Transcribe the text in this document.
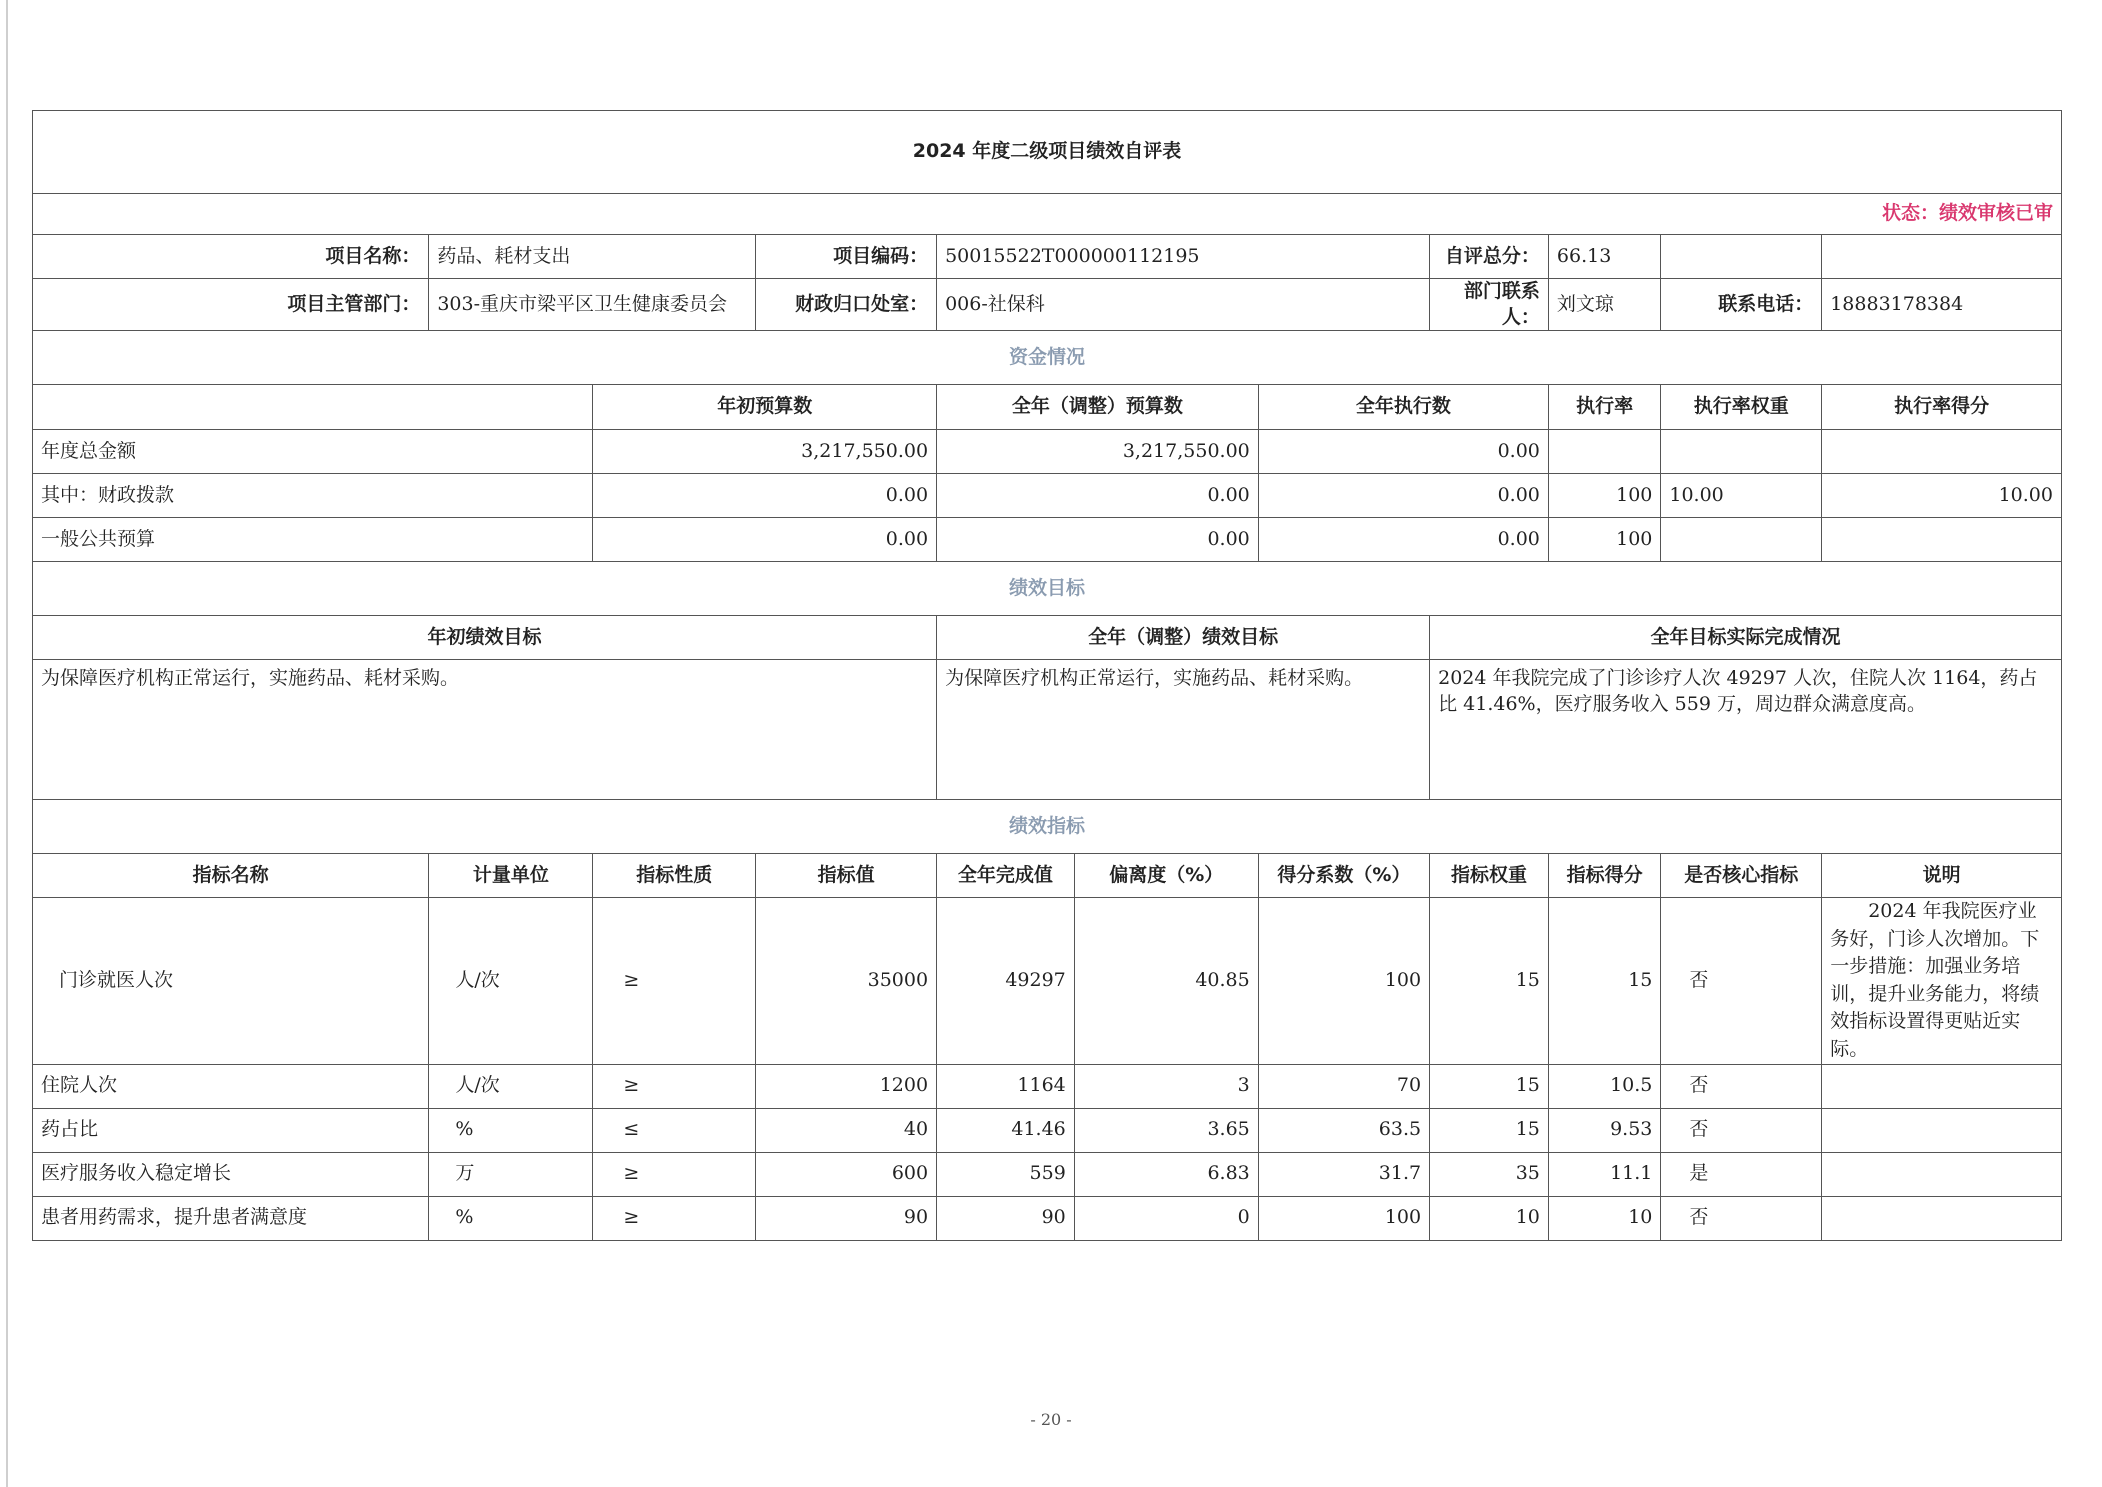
2024 年度二级项目绩效自评表										
状态：绩效审核已审										
项目名称：	药品、耗材支出		项目编码：	50015522T000000112195			自评总分：	66.13		
项目主管部门：	303-重庆市梁平区卫生健康委员会		财政归口处室：	006-社保科			部门联系人：	刘文琼	联系电话：	18883178384
资金情况										
		年初预算数		全年（调整）预算数		全年执行数		执行率	执行率权重	执行率得分
年度总金额		3,217,550.00		3,217,550.00		0.00				
其中：财政拨款		0.00		0.00		0.00		100	10.00	10.00
一般公共预算		0.00		0.00		0.00		100		
绩效目标										
年初绩效目标				全年（调整）绩效目标			全年目标实际完成情况			
为保障医疗机构正常运行，实施药品、耗材采购。				为保障医疗机构正常运行，实施药品、耗材采购。			2024 年我院完成了门诊诊疗人次 49297 人次，住院人次 1164，药占比 41.46%，医疗服务收入 559 万，周边群众满意度高。			
绩效指标										
指标名称	计量单位	指标性质	指标值	全年完成值	偏离度（%）	得分系数（%）	指标权重	指标得分	是否核心指标	说明
门诊就医人次	人/次	≥	35000	49297	40.85	100	15	15	否	2024 年我院医疗业务好，门诊人次增加。下一步措施：加强业务培训，提升业务能力，将绩效指标设置得更贴近实际。
住院人次	人/次	≥	1200	1164	3	70	15	10.5	否	
药占比	%	≤	40	41.46	3.65	63.5	15	9.53	否	
医疗服务收入稳定增长	万	≥	600	559	6.83	31.7	35	11.1	是	
患者用药需求，提升患者满意度	%	≥	90	90	0	100	10	10	否	
- 20 -
